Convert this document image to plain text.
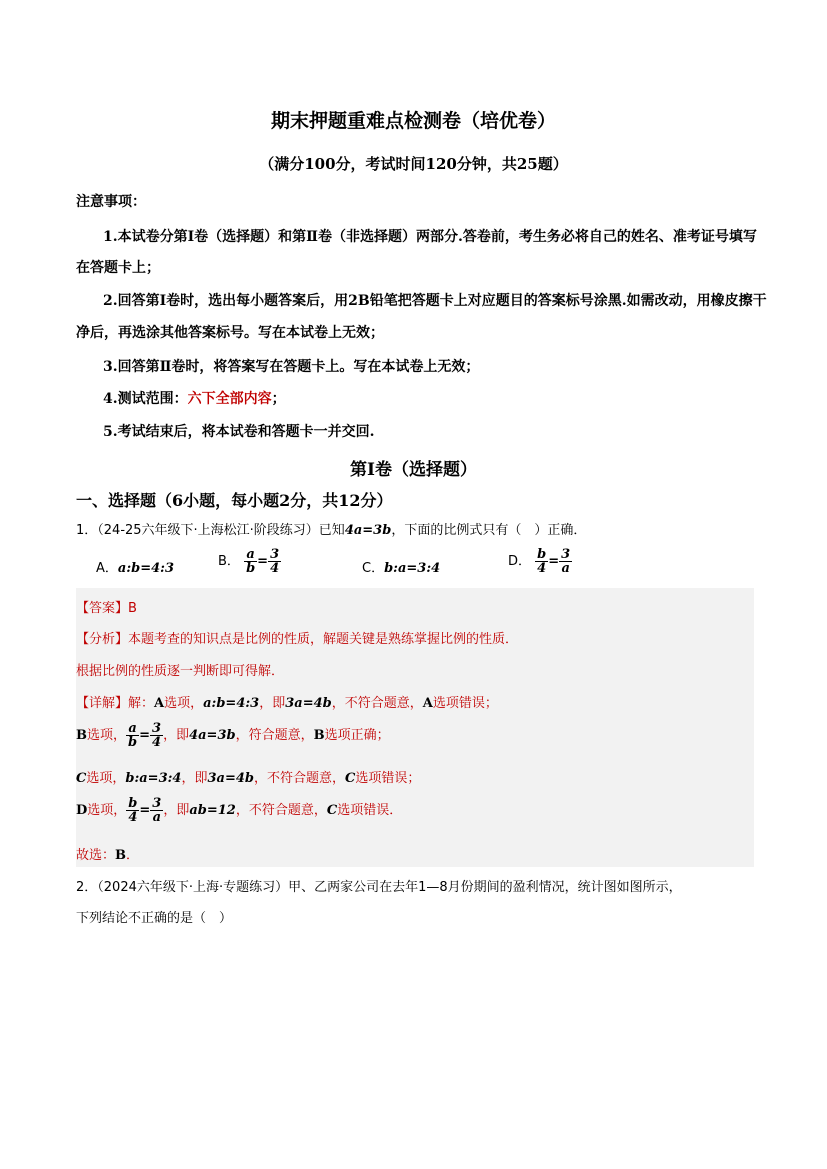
期末押题重难点检测卷（培优卷）
（满分100分，考试时间120分钟，共25题）
注意事项：
1.本试卷分第Ⅰ卷（选择题）和第Ⅱ卷（非选择题）两部分.答卷前，考生务必将自己的姓名、准考证号填写
在答题卡上；
2.回答第Ⅰ卷时，选出每小题答案后，用2B铅笔把答题卡上对应题目的答案标号涂黑.如需改动，用橡皮擦干
净后，再选涂其他答案标号。写在本试卷上无效；
3.回答第Ⅱ卷时，将答案写在答题卡上。写在本试卷上无效；
4.测试范围：六下全部内容；
5.考试结束后，将本试卷和答题卡一并交回.
第Ⅰ卷（选择题）
一、选择题（6小题，每小题2分，共12分）
1．（24-25六年级下·上海松江·阶段练习）已知4a=3b，下面的比例式只有（　）正确．
A．a:b=4:3	B． $\frac{a}{b} = \frac{3}{4}$	C．b:a=3:4	D． $\frac{b}{4} = \frac{3}{a}$
【答案】B
【分析】本题考查的知识点是比例的性质，解题关键是熟练掌握比例的性质．
根据比例的性质逐一判断即可得解．
【详解】解：A选项，a:b=4:3，即3a=4b，不符合题意，A选项错误；
B选项， $\frac{a}{b} = \frac{3}{4}$ ，即4a=3b，符合题意，B选项正确；
C选项，b:a=3:4，即3a=4b，不符合题意，C选项错误；
D选项， $\frac{b}{4} = \frac{3}{a}$ ，即ab=12，不符合题意，C选项错误．
故选：B．
2．（2024六年级下·上海·专题练习）甲、乙两家公司在去年1—8月份期间的盈利情况，统计图如图所示，
下列结论不正确的是（　）
